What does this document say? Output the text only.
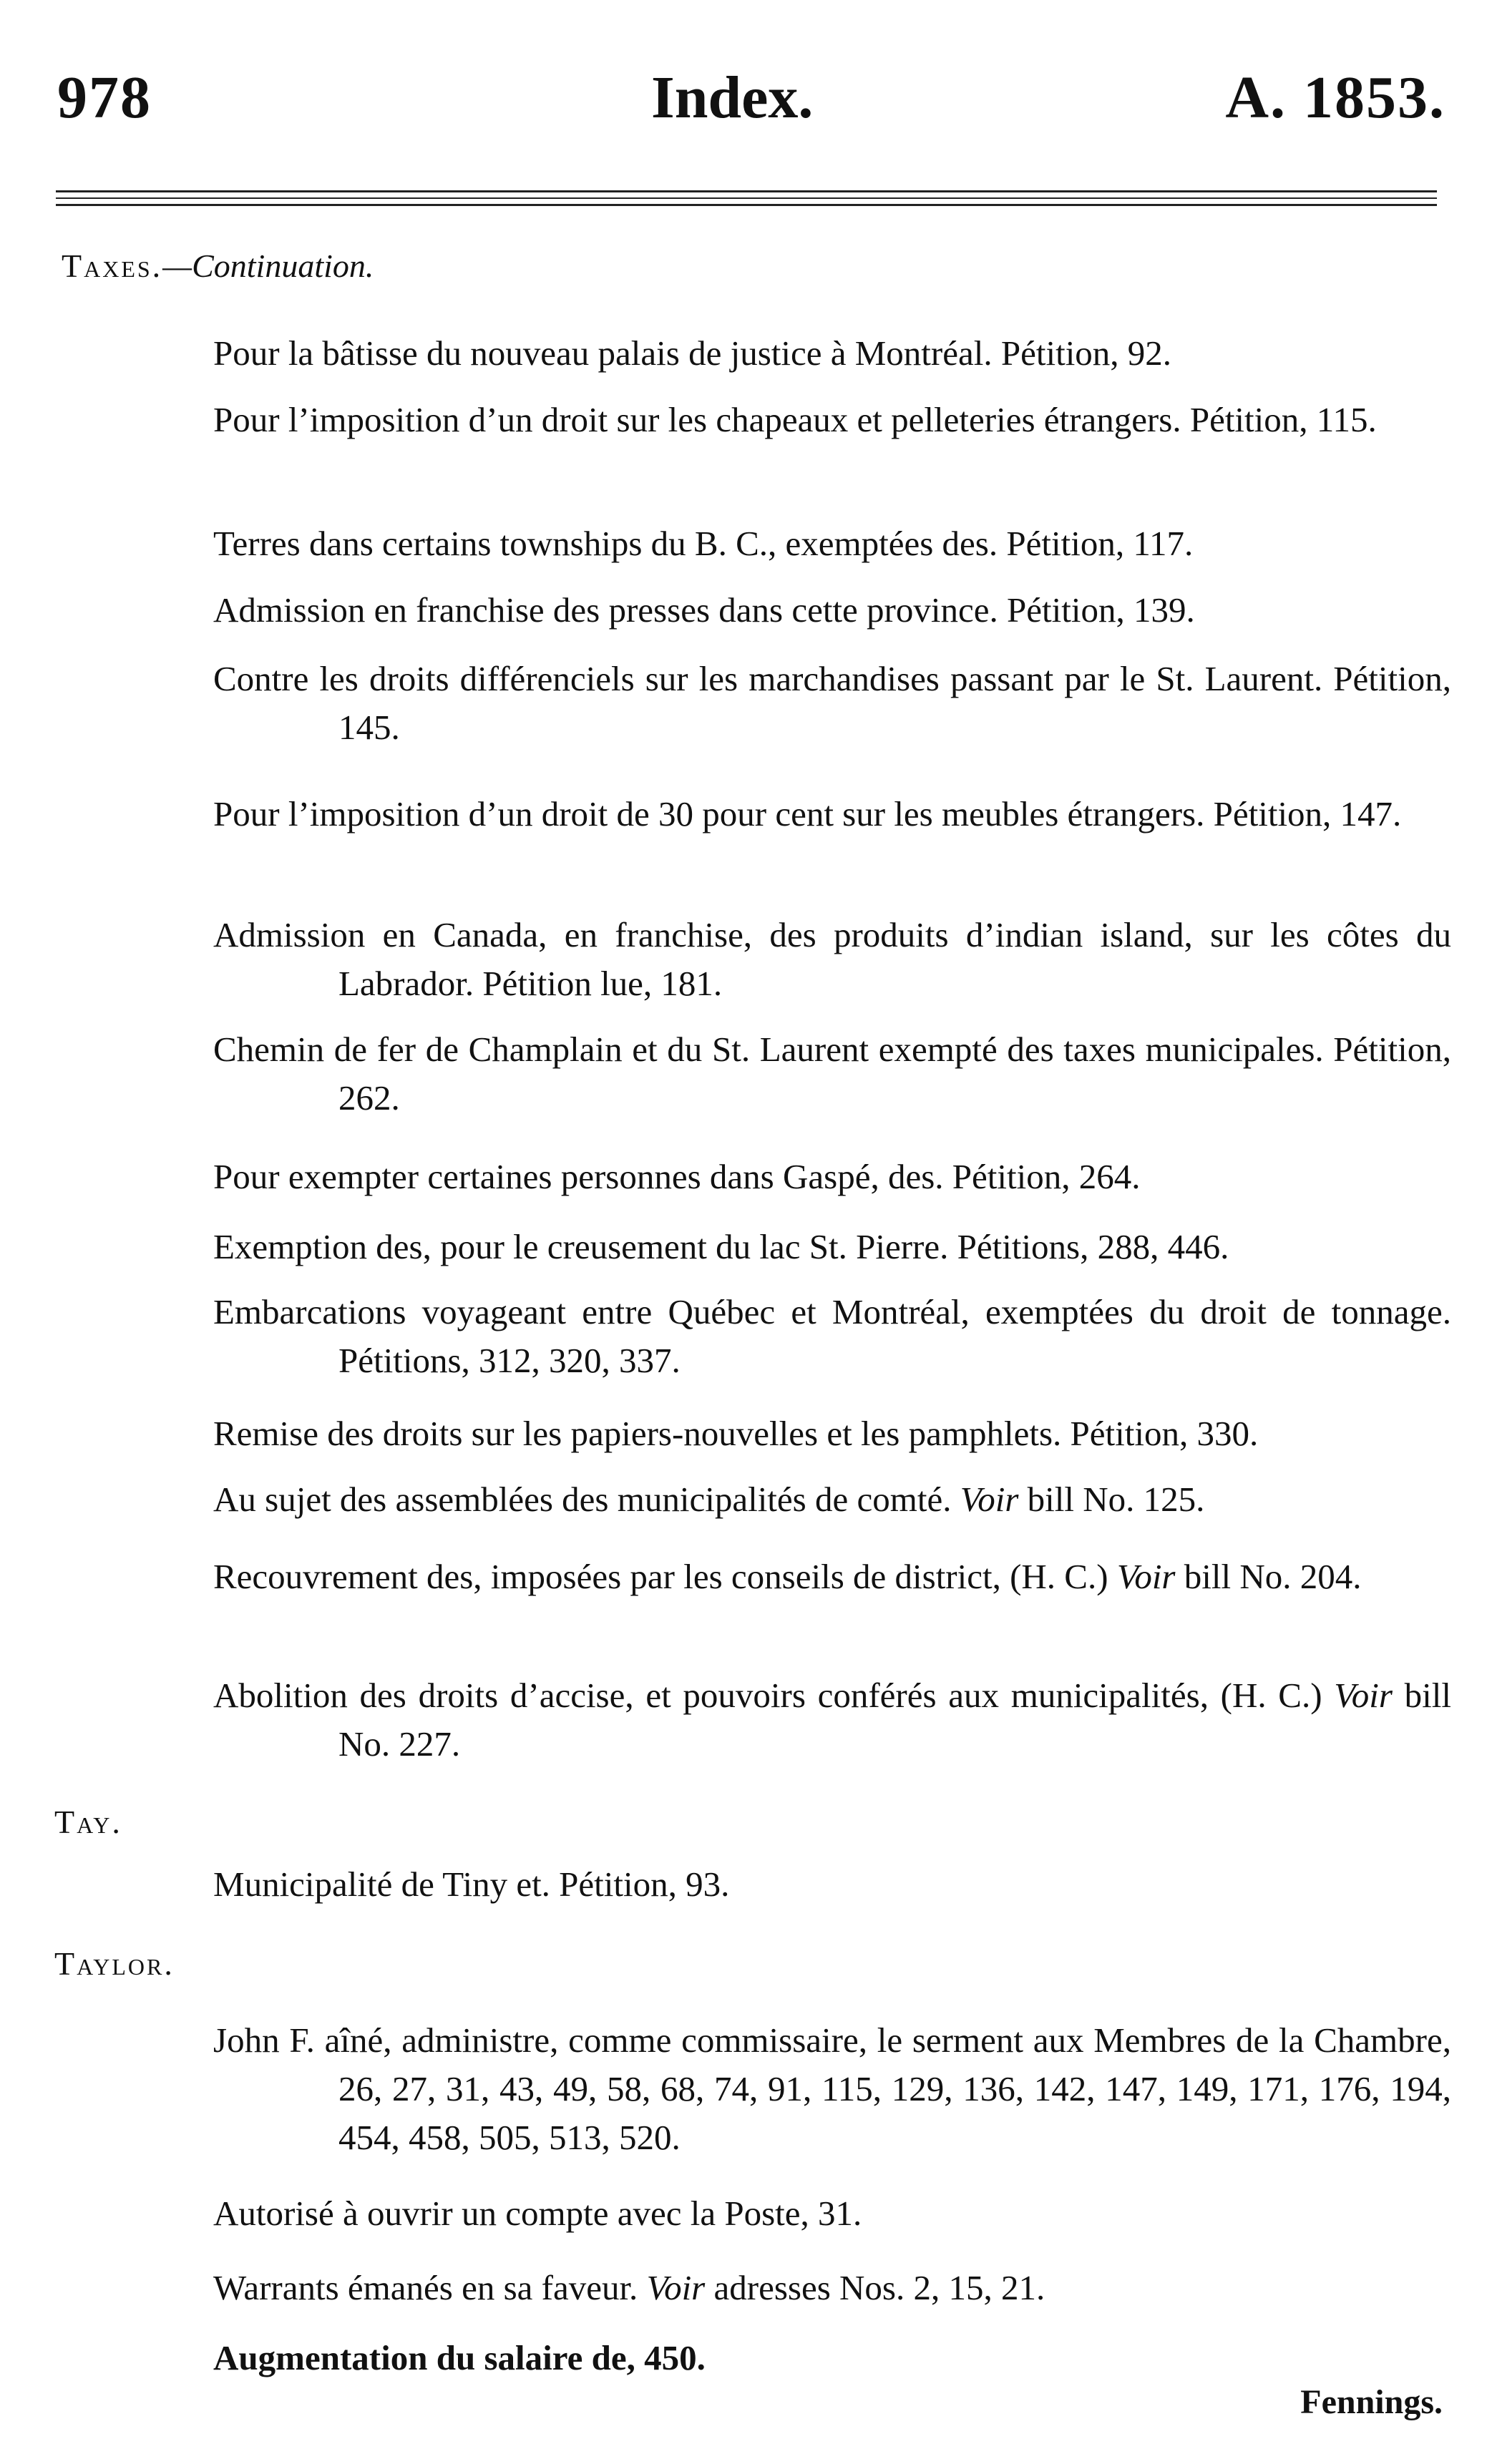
978	Index.	A. 1853.
Taxes.—Continuation.
Pour la bâtisse du nouveau palais de justice à Montréal. Pétition, 92.
Pour l’imposition d’un droit sur les chapeaux et pelleteries étrangers. Pétition, 115.
Terres dans certains townships du B. C., exemptées des. Pétition, 117.
Admission en franchise des presses dans cette province. Pétition, 139.
Contre les droits différenciels sur les marchandises passant par le St. Laurent. Pétition, 145.
Pour l’imposition d’un droit de 30 pour cent sur les meubles étrangers. Pétition, 147.
Admission en Canada, en franchise, des produits d’indian island, sur les côtes du Labrador. Pétition lue, 181.
Chemin de fer de Champlain et du St. Laurent exempté des taxes municipales. Pétition, 262.
Pour exempter certaines personnes dans Gaspé, des. Pétition, 264.
Exemption des, pour le creusement du lac St. Pierre. Pétitions, 288, 446.
Embarcations voyageant entre Québec et Montréal, exemptées du droit de tonnage. Pétitions, 312, 320, 337.
Remise des droits sur les papiers-nouvelles et les pamphlets. Pétition, 330.
Au sujet des assemblées des municipalités de comté. Voir bill No. 125.
Recouvrement des, imposées par les conseils de district, (H. C.) Voir bill No. 204.
Abolition des droits d’accise, et pouvoirs conférés aux municipalités, (H. C.) Voir bill No. 227.
Tay.
Municipalité de Tiny et. Pétition, 93.
Taylor.
John F. aîné, administre, comme commissaire, le serment aux Membres de la Chambre, 26, 27, 31, 43, 49, 58, 68, 74, 91, 115, 129, 136, 142, 147, 149, 171, 176, 194, 454, 458, 505, 513, 520.
Autorisé à ouvrir un compte avec la Poste, 31.
Warrants émanés en sa faveur. Voir adresses Nos. 2, 15, 21.
Augmentation du salaire de, 450.
Fennings.
